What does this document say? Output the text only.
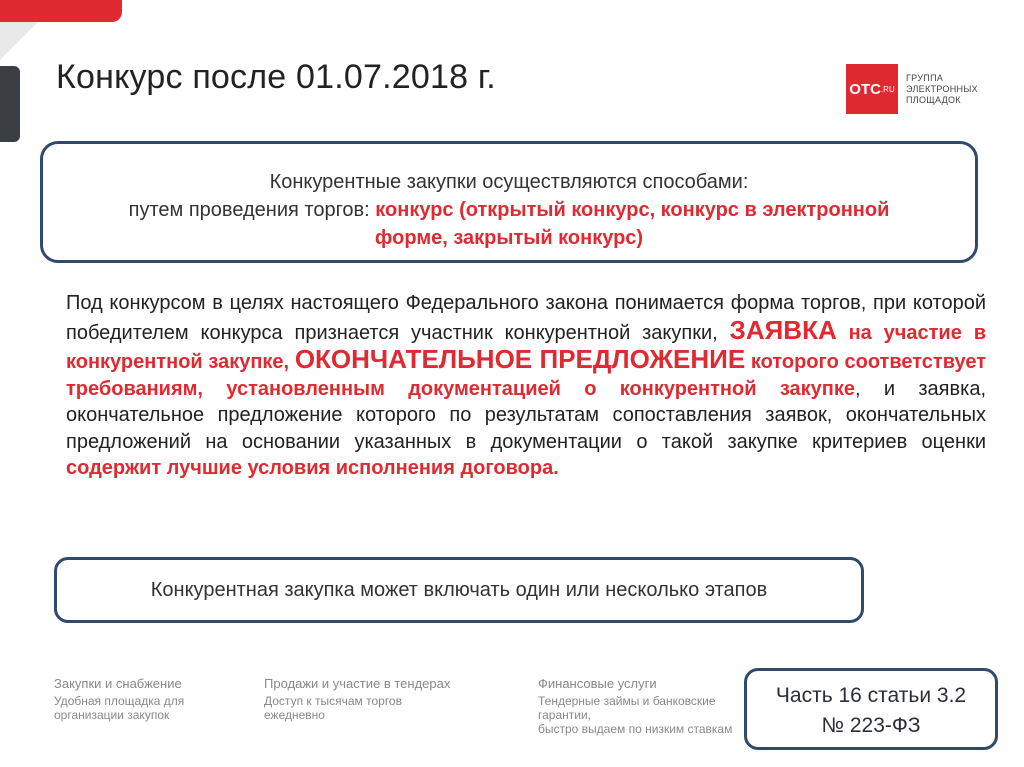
Конкурс после 01.07.2018 г.	ОТС .RU
ГРУППА
ЭЛЕКТРОННЫХ
ПЛОЩАДОК
Конкурентные закупки осуществляются способами:
путем проведения торгов: конкурс (открытый конкурс, конкурс в электронной
форме, закрытый конкурс)
Под конкурсом в целях настоящего Федерального закона понимается форма торгов, при которой победителем конкурса признается участник конкурентной закупки, ЗАЯВКА на участие в конкурентной закупке, ОКОНЧАТЕЛЬНОЕ ПРЕДЛОЖЕНИЕ которого соответствует требованиям, установленным документацией о конкурентной закупке, и заявка, окончательное предложение которого по результатам сопоставления заявок, окончательных предложений на основании указанных в документации о такой закупке критериев оценки содержит лучшие условия исполнения договора.
Конкурентная закупка может включать один или несколько этапов
Закупки и снабжение
Удобная площадка для
организации закупок
Продажи и участие в тендерах
Доступ к тысячам торгов
ежедневно
Финансовые услуги
Тендерные займы и банковские
гарантии,
быстро выдаем по низким ставкам
Часть 16 статьи 3.2
№ 223-ФЗ
